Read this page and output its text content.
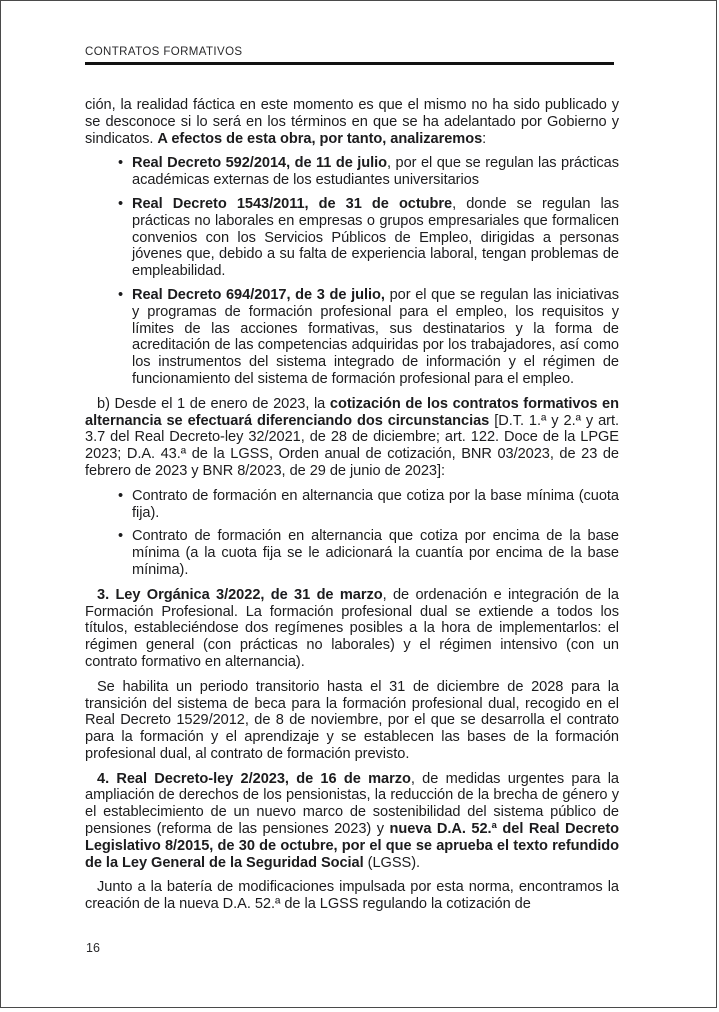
CONTRATOS FORMATIVOS
ción, la realidad fáctica en este momento es que el mismo no ha sido publicado y se desconoce si lo será en los términos en que se ha adelantado por Gobierno y sindicatos. A efectos de esta obra, por tanto, analizaremos:
• Real Decreto 592/2014, de 11 de julio, por el que se regulan las prácticas académicas externas de los estudiantes universitarios
• Real Decreto 1543/2011, de 31 de octubre, donde se regulan las prácticas no laborales en empresas o grupos empresariales que formalicen convenios con los Servicios Públicos de Empleo, dirigidas a personas jóvenes que, debido a su falta de experiencia laboral, tengan problemas de empleabilidad.
• Real Decreto 694/2017, de 3 de julio, por el que se regulan las iniciativas y programas de formación profesional para el empleo, los requisitos y límites de las acciones formativas, sus destinatarios y la forma de acreditación de las competencias adquiridas por los trabajadores, así como los instrumentos del sistema integrado de información y el régimen de funcionamiento del sistema de formación profesional para el empleo.
b) Desde el 1 de enero de 2023, la cotización de los contratos formativos en alternancia se efectuará diferenciando dos circunstancias [D.T. 1.ª y 2.ª y art. 3.7 del Real Decreto-ley 32/2021, de 28 de diciembre; art. 122. Doce de la LPGE 2023; D.A. 43.ª de la LGSS, Orden anual de cotización, BNR 03/2023, de 23 de febrero de 2023 y BNR 8/2023, de 29 de junio de 2023]:
• Contrato de formación en alternancia que cotiza por la base mínima (cuota fija).
• Contrato de formación en alternancia que cotiza por encima de la base mínima (a la cuota fija se le adicionará la cuantía por encima de la base mínima).
3. Ley Orgánica 3/2022, de 31 de marzo, de ordenación e integración de la Formación Profesional. La formación profesional dual se extiende a todos los títulos, estableciéndose dos regímenes posibles a la hora de implementarlos: el régimen general (con prácticas no laborales) y el régimen intensivo (con un contrato formativo en alternancia).
Se habilita un periodo transitorio hasta el 31 de diciembre de 2028 para la transición del sistema de beca para la formación profesional dual, recogido en el Real Decreto 1529/2012, de 8 de noviembre, por el que se desarrolla el contrato para la formación y el aprendizaje y se establecen las bases de la formación profesional dual, al contrato de formación previsto.
4. Real Decreto-ley 2/2023, de 16 de marzo, de medidas urgentes para la ampliación de derechos de los pensionistas, la reducción de la brecha de género y el establecimiento de un nuevo marco de sostenibilidad del sistema público de pensiones (reforma de las pensiones 2023) y nueva D.A. 52.ª del Real Decreto Legislativo 8/2015, de 30 de octubre, por el que se aprueba el texto refundido de la Ley General de la Seguridad Social (LGSS).
Junto a la batería de modificaciones impulsada por esta norma, encontramos la creación de la nueva D.A. 52.ª de la LGSS regulando la cotización de
16
